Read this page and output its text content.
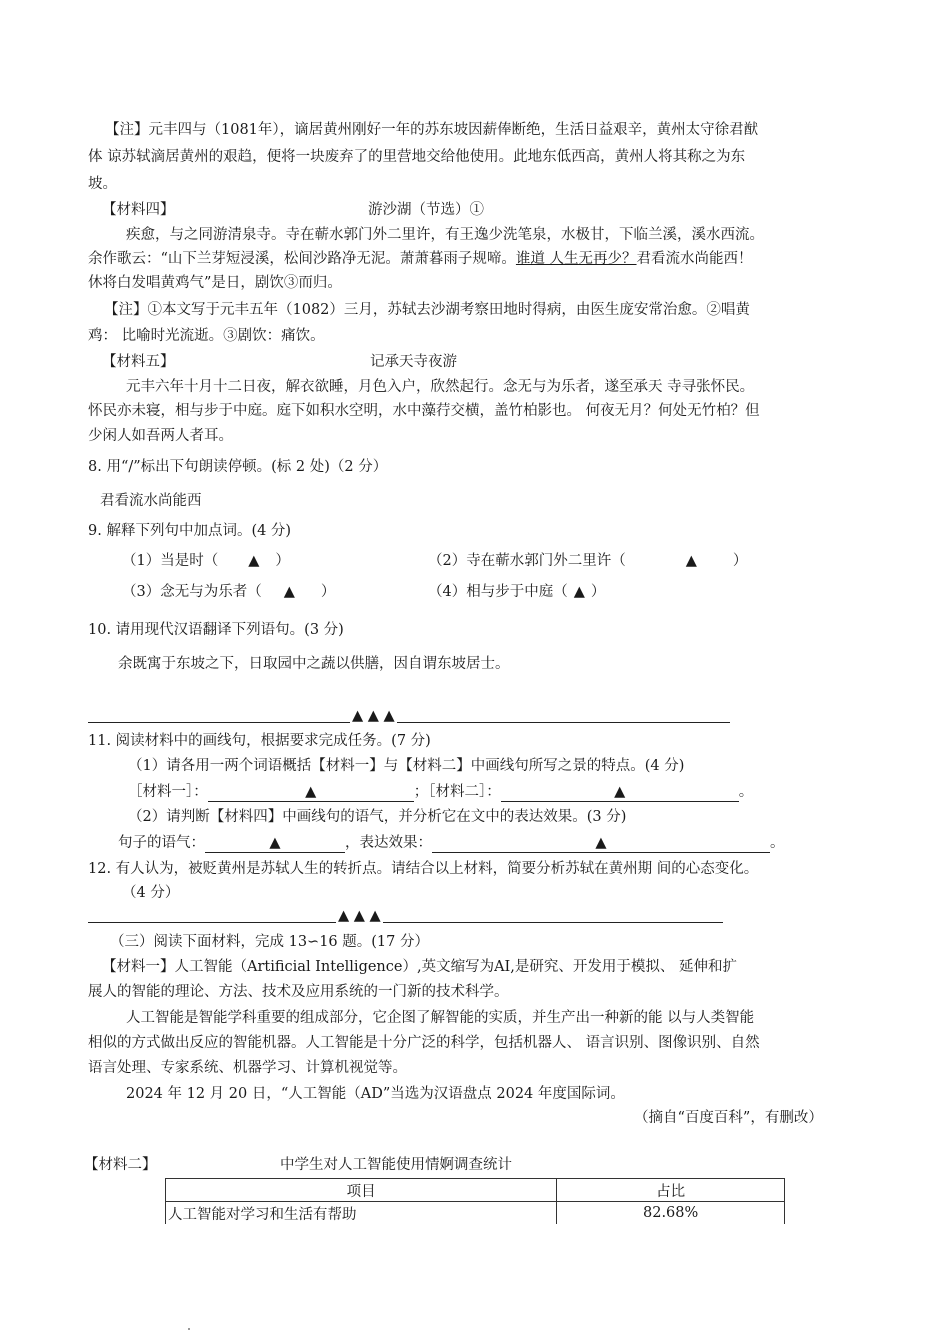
【注】元丰四与（1081年），谪居黄州刚好一年的苏东坡因薪俸断绝，生活日益艰辛，黄州太守徐君猷
体 谅苏轼滴居黄州的艰趋，便将一块废弃了的里营地交给他使用。此地东低西高，黄州人将其称之为东
坡。
【材料四】	游沙湖（节选）①
疾愈，与之同游清泉寺。寺在蕲水郭门外二里许，有王逸少洗笔泉，水极甘，下临兰溪，溪水西流。
余作歌云：“山下兰芽短浸溪，松间沙路净无泥。萧萧暮雨子规啼。谁道 人生无再少？君看流水尚能西！
休将白发唱黄鸡气”是日，剧饮③而归。
【注】①本文写于元丰五年（1082）三月，苏轼去沙湖考察田地时得病，由医生庞安常治愈。②唱黄
鸡： 比喻时光流逝。③剧饮：痛饮。
【材料五】	记承天寺夜游
元丰六年十月十二日夜，解衣欲睡，月色入户，欣然起行。念无与为乐者，遂至承天 寺寻张怀民。
怀民亦未寝，相与步于中庭。庭下如积水空明，水中藻荇交横，盖竹柏影也。 何夜无月？何处无竹柏？但
少闲人如吾两人者耳。
8. 用“/”标出下句朗读停顿。(标 2 处)（2 分）
君看流水尚能西
9. 解释下列句中加点词。(4 分)
（1）当是时（ ▲ ）	（2）寺在蕲水郭门外二里许（	▲ ）
（3）念无与为乐者（ ▲ ）	（4）相与步于中庭（ ▲ ）
10. 请用现代汉语翻译下列语句。(3 分)
余既寓于东坡之下，日取园中之蔬以供膳，因自谓东坡居士。
▲ ▲ ▲
11. 阅读材料中的画线句，根据要求完成任务。(7 分)
（1）请各用一两个词语概括【材料一】与【材料二】中画线句所写之景的特点。(4 分)
［材料一］：	▲	；［材料二］：	▲	。
（2）请判断【材料四】中画线句的语气，并分析它在文中的表达效果。(3 分)
句子的语气：	▲	，表达效果：	▲	。
12. 有人认为，被贬黄州是苏轼人生的转折点。请结合以上材料，简要分析苏轼在黄州期 间的心态变化。
（4 分）
▲ ▲ ▲
（三）阅读下面材料，完成 13∽16 题。(17 分）
【材料一】人工智能（Artificial Intelligence）,英文缩写为AI,是研究、开发用于模拟、 延伸和扩
展人的智能的理论、方法、技术及应用系统的一门新的技术科学。
人工智能是智能学科重要的组成部分，它企图了解智能的实质，并生产出一种新的能 以与人类智能
相似的方式做出反应的智能机器。人工智能是十分广泛的科学，包括机器人、 语言识别、图像识别、自然
语言处理、专家系统、机器学习、计算机视觉等。
2024 年 12 月 20 日，“人工智能（AD”当选为汉语盘点 2024 年度国际词。
（摘自“百度百科”，有删改）
【材料二】	中学生对人工智能使用情婀调查统计
项目	占比
人工智能对学习和生活有帮助	82.68%
